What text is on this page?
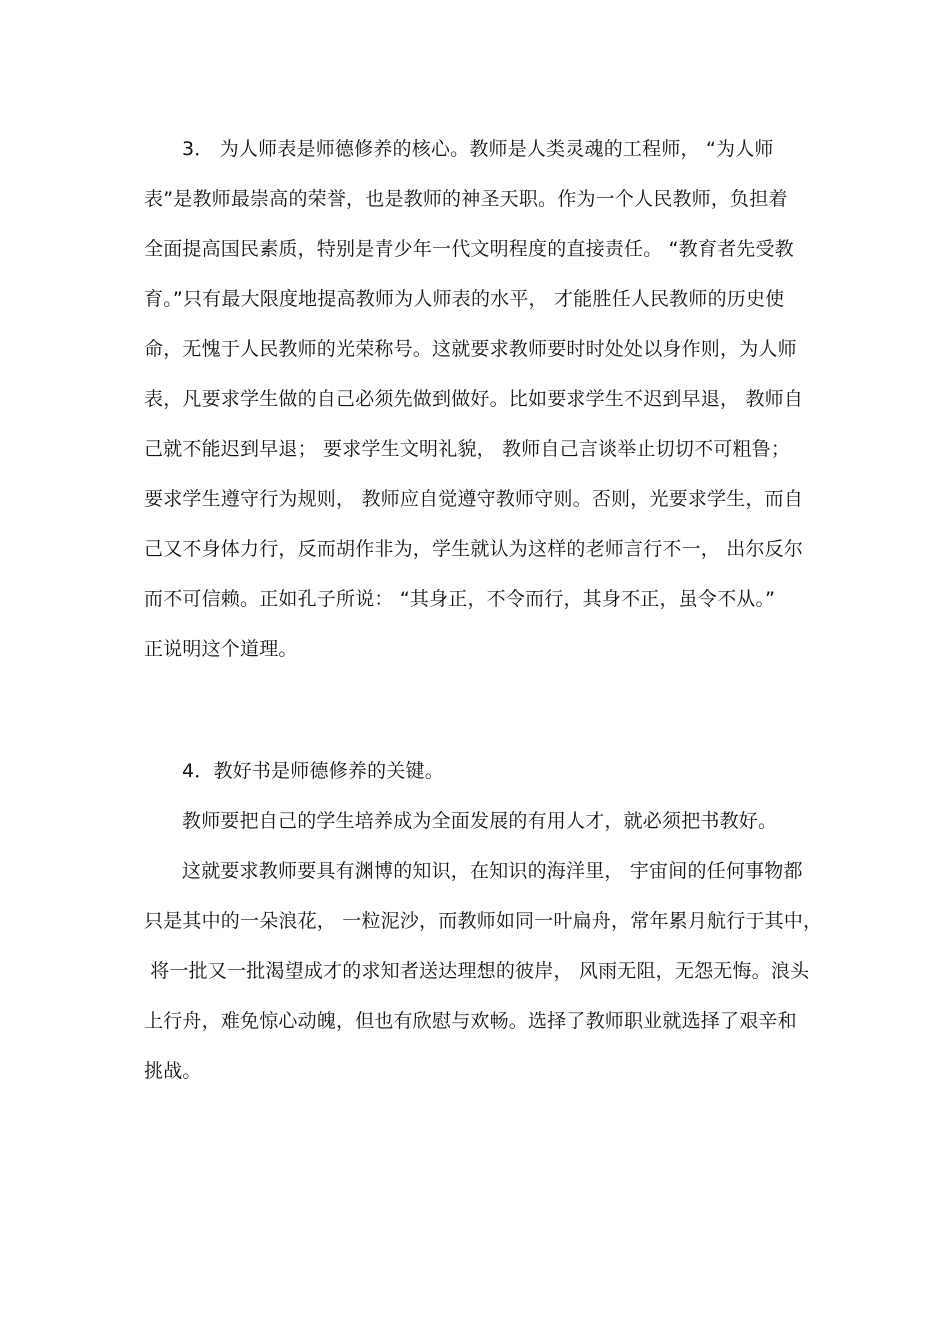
3． 为人师表是师德修养的核心。教师是人类灵魂的工程师， “为人师
表”是教师最崇高的荣誉，也是教师的神圣天职。作为一个人民教师，负担着
全面提高国民素质，特别是青少年一代文明程度的直接责任。 “教育者先受教
育。”只有最大限度地提高教师为人师表的水平， 才能胜任人民教师的历史使
命，无愧于人民教师的光荣称号。这就要求教师要时时处处以身作则，为人师
表，凡要求学生做的自己必须先做到做好。比如要求学生不迟到早退， 教师自
己就不能迟到早退； 要求学生文明礼貌， 教师自己言谈举止切切不可粗鲁；
要求学生遵守行为规则， 教师应自觉遵守教师守则。否则，光要求学生，而自
己又不身体力行，反而胡作非为，学生就认为这样的老师言行不一， 出尔反尔
而不可信赖。正如孔子所说： “其身正，不令而行，其身不正，虽令不从。”
正说明这个道理。
4．教好书是师德修养的关键。
教师要把自己的学生培养成为全面发展的有用人才，就必须把书教好。
这就要求教师要具有渊博的知识，在知识的海洋里， 宇宙间的任何事物都
只是其中的一朵浪花， 一粒泥沙，而教师如同一叶扁舟，常年累月航行于其中，
将一批又一批渴望成才的求知者送达理想的彼岸， 风雨无阻，无怨无悔。浪头
上行舟，难免惊心动魄，但也有欣慰与欢畅。选择了教师职业就选择了艰辛和
挑战。
